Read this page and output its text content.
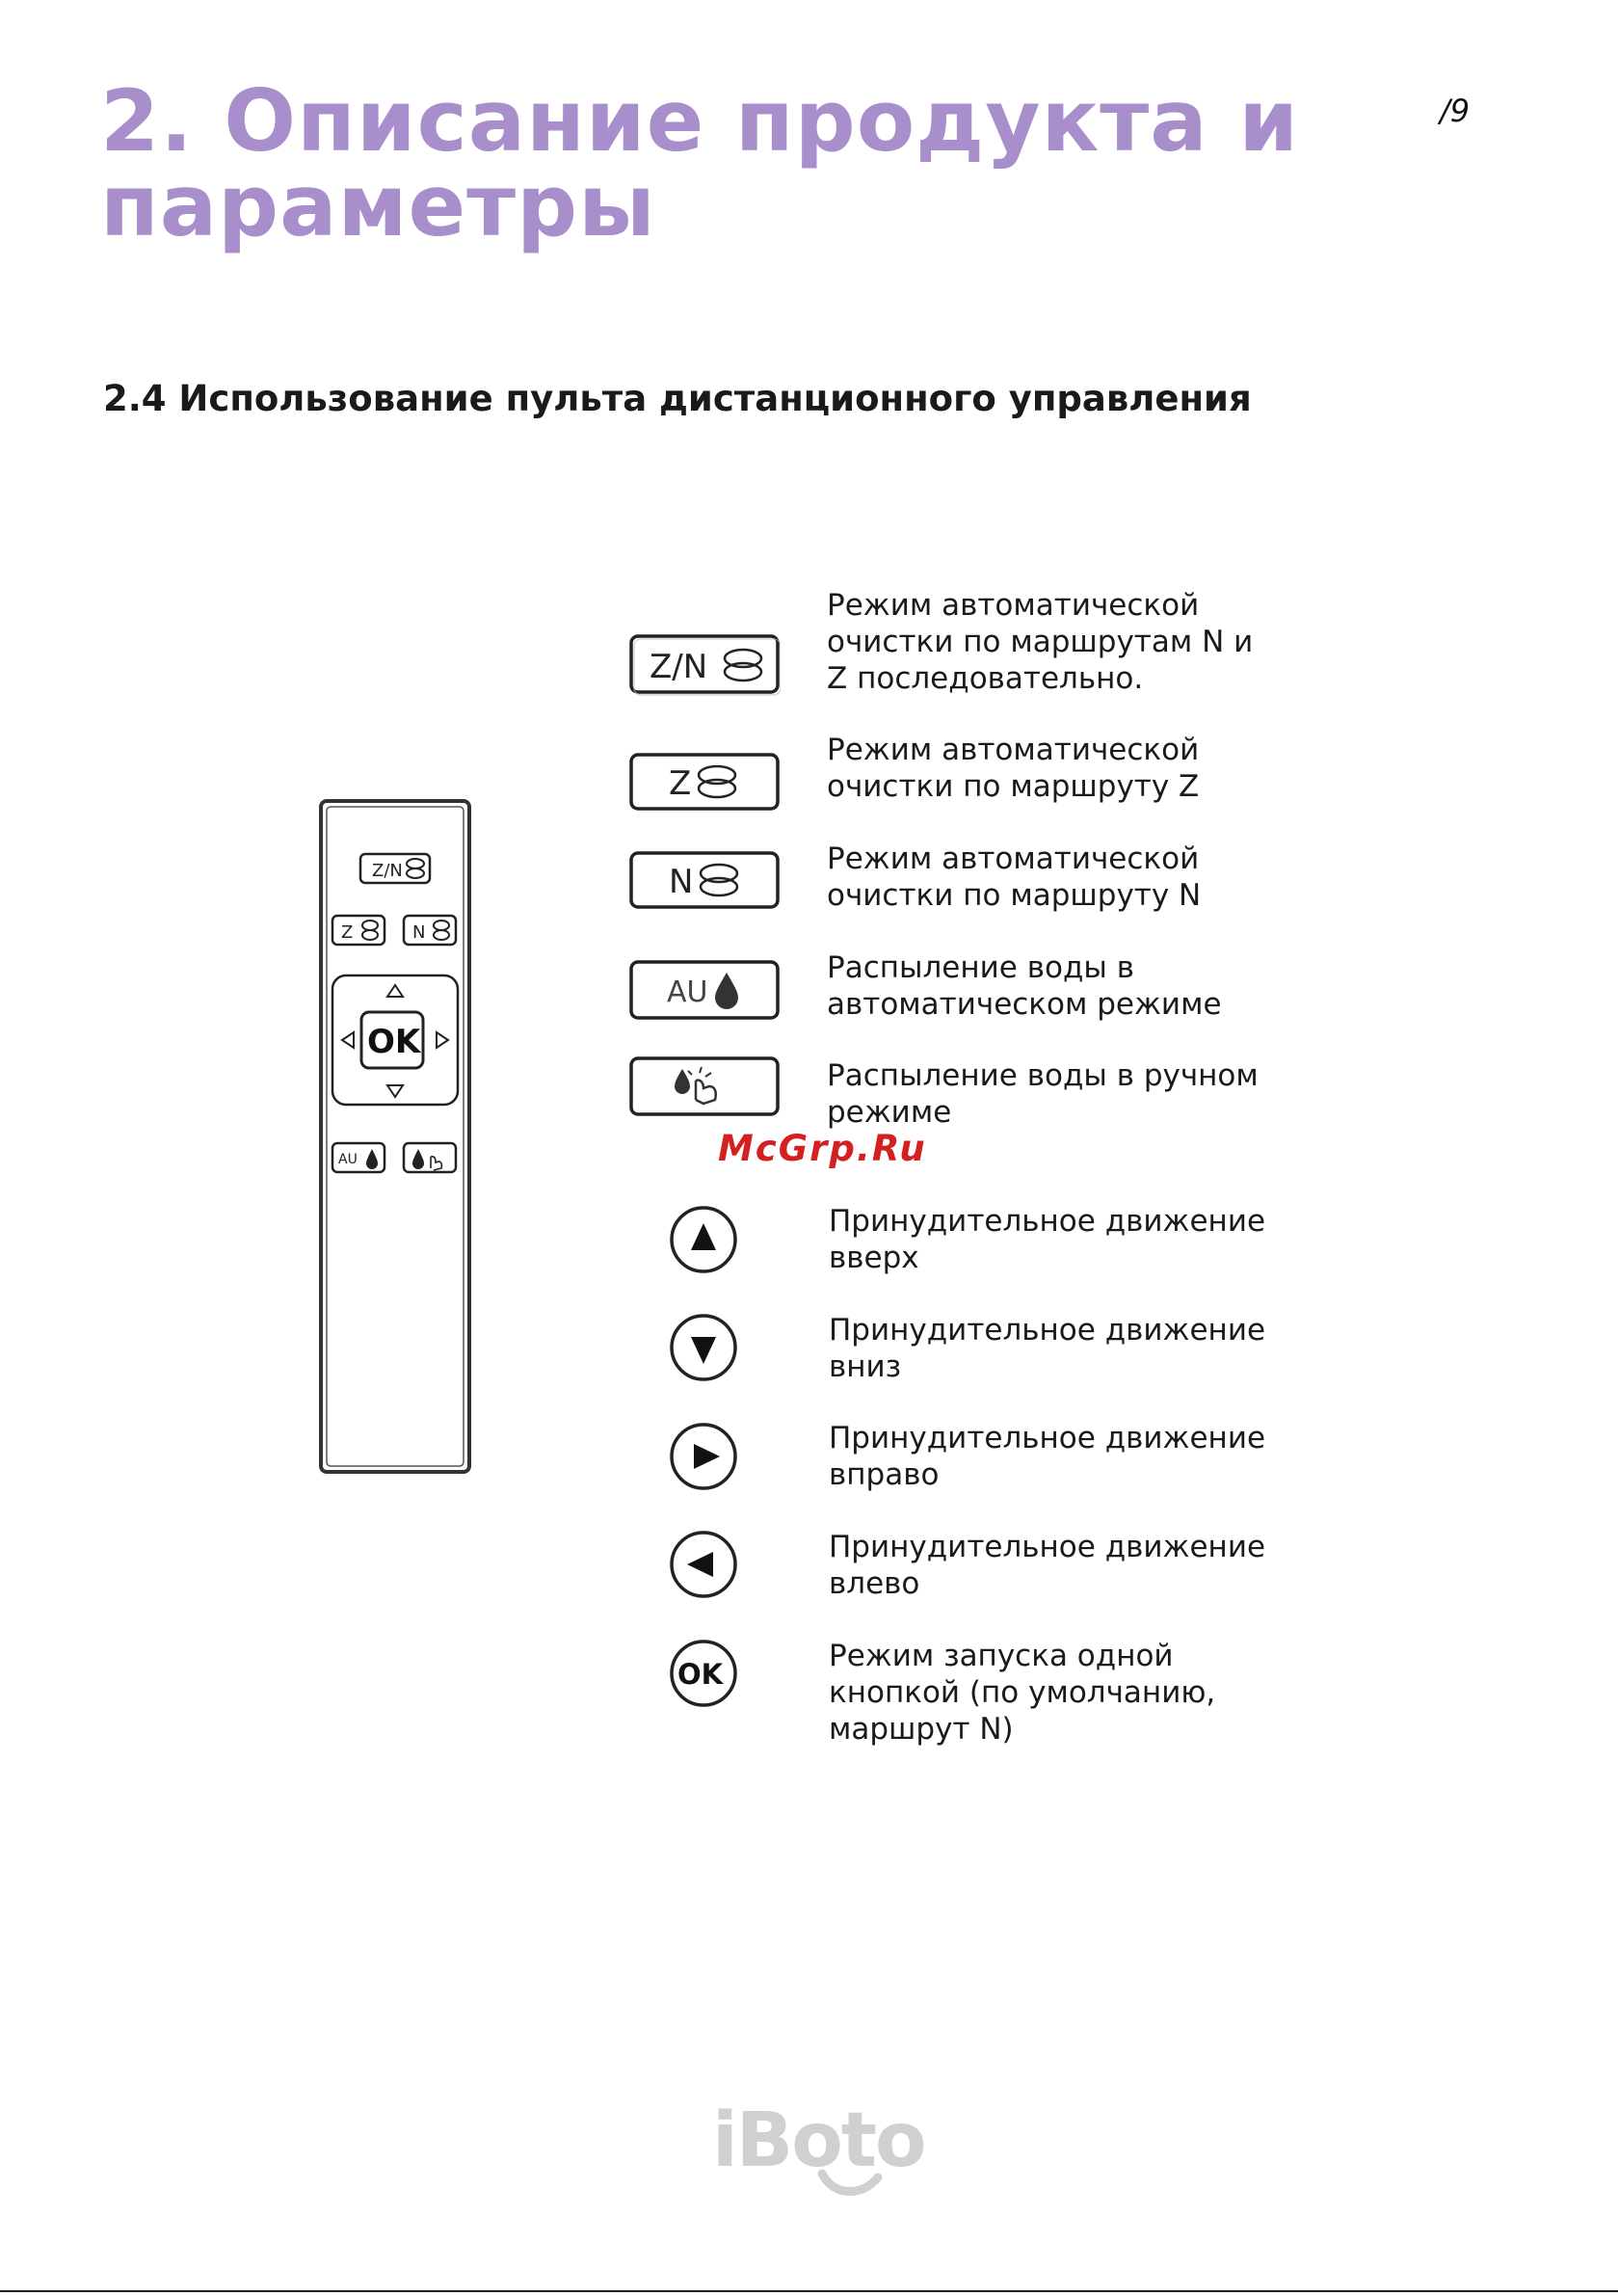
2. Описание продукта и
параметры
/9
2.4 Использование пульта дистанционного управления
Z/N
Z	N
OK
AU
Z/N
Z
N
AU
OK
Режим автоматической
очистки по маршрутам N и
Z последовательно.
Режим автоматической
очистки по маршруту Z
Режим автоматической
очистки по маршруту N
Распыление воды в
автоматическом режиме
Распыление воды в ручном
режиме
McGrp.Ru
Принудительное движение
вверх
Принудительное движение
вниз
Принудительное движение
вправо
Принудительное движение
влево
Режим запуска одной
кнопкой (по умолчанию,
маршрут N)
iBoto
